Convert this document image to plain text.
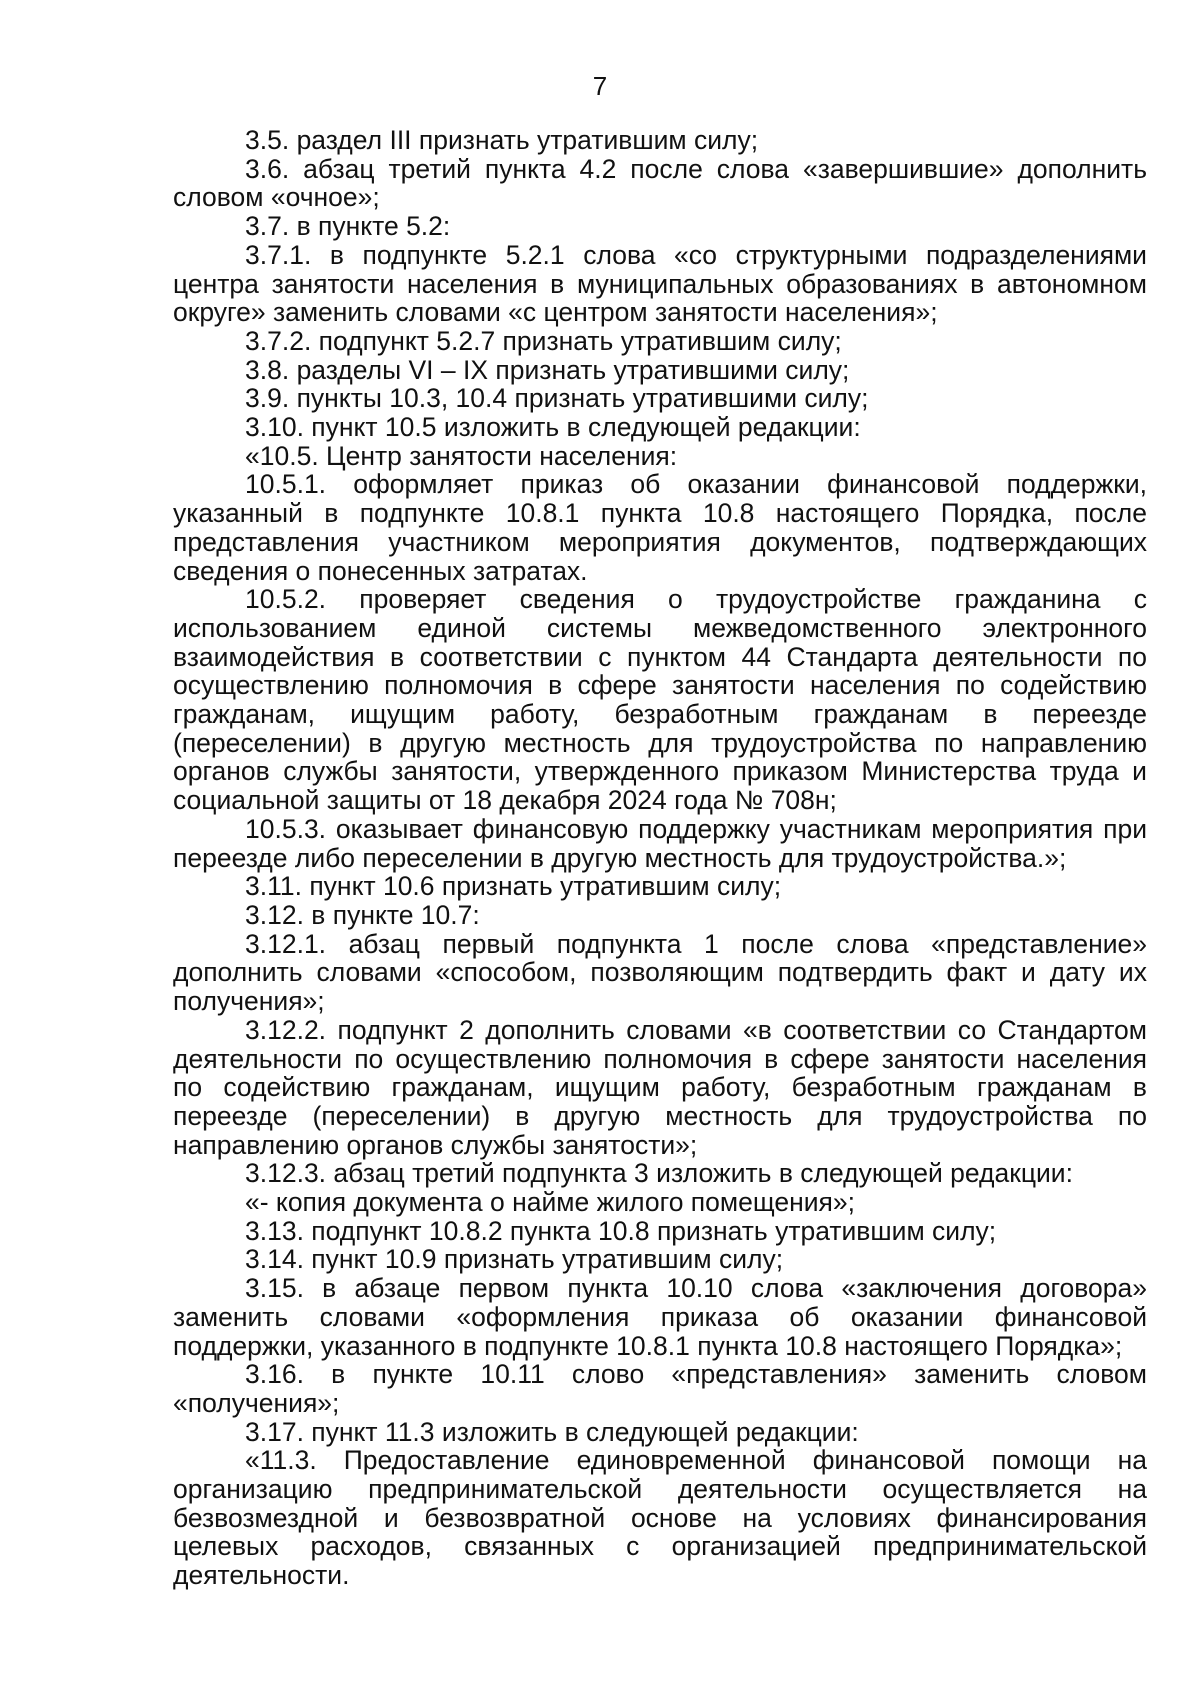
7

3.5. раздел III признать утратившим силу;

3.6. абзац третий пункта 4.2 после слова «завершившие» дополнить словом «очное»;

3.7. в пункте 5.2:

3.7.1. в подпункте 5.2.1 слова «со структурными подразделениями центра занятости населения в муниципальных образованиях в автономном округе» заменить словами «с центром занятости населения»;

3.7.2. подпункт 5.2.7 признать утратившим силу;

3.8. разделы VI – IX признать утратившими силу;

3.9. пункты 10.3, 10.4 признать утратившими силу;

3.10. пункт 10.5 изложить в следующей редакции:

«10.5. Центр занятости населения:

10.5.1. оформляет приказ об оказании финансовой поддержки, указанный в подпункте 10.8.1 пункта 10.8 настоящего Порядка, после представления участником мероприятия документов, подтверждающих сведения о понесенных затратах.

10.5.2. проверяет сведения о трудоустройстве гражданина с использованием единой системы межведомственного электронного взаимодействия в соответствии с пунктом 44 Стандарта деятельности по осуществлению полномочия в сфере занятости населения по содействию гражданам, ищущим работу, безработным гражданам в переезде (переселении) в другую местность для трудоустройства по направлению органов службы занятости, утвержденного приказом Министерства труда и социальной защиты от 18 декабря 2024 года № 708н;

10.5.3. оказывает финансовую поддержку участникам мероприятия при переезде либо переселении в другую местность для трудоустройства.»;

3.11. пункт 10.6 признать утратившим силу;

3.12. в пункте 10.7:

3.12.1. абзац первый подпункта 1 после слова «представление» дополнить словами «способом, позволяющим подтвердить факт и дату их получения»;

3.12.2. подпункт 2 дополнить словами «в соответствии со Стандартом деятельности по осуществлению полномочия в сфере занятости населения по содействию гражданам, ищущим работу, безработным гражданам в переезде (переселении) в другую местность для трудоустройства по направлению органов службы занятости»;

3.12.3. абзац третий подпункта 3 изложить в следующей редакции:

«- копия документа о найме жилого помещения»;

3.13. подпункт 10.8.2 пункта 10.8 признать утратившим силу;

3.14. пункт 10.9 признать утратившим силу;

3.15. в абзаце первом пункта 10.10 слова «заключения договора» заменить словами «оформления приказа об оказании финансовой поддержки, указанного в подпункте 10.8.1 пункта 10.8 настоящего Порядка»;

3.16. в пункте 10.11 слово «представления» заменить словом «получения»;

3.17. пункт 11.3 изложить в следующей редакции:

«11.3. Предоставление единовременной финансовой помощи на организацию предпринимательской деятельности осуществляется на безвозмездной и безвозвратной основе на условиях финансирования целевых расходов, связанных с организацией предпринимательской деятельности.
